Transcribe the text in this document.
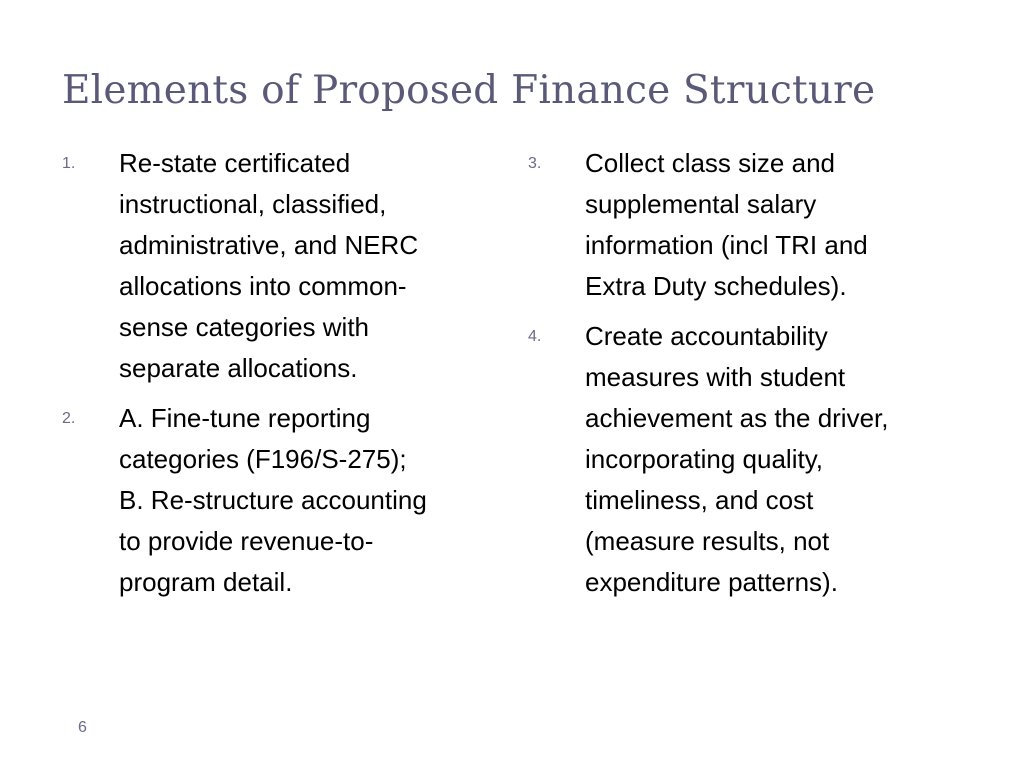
Elements of Proposed Finance Structure
1. Re-state certificated
instructional, classified,
administrative, and NERC
allocations into common-
sense categories with
separate allocations.
2. A. Fine-tune reporting
categories (F196/S-275);
B. Re-structure accounting
to provide revenue-to-
program detail.
3. Collect class size and
supplemental salary
information (incl TRI and
Extra Duty schedules).
4. Create accountability
measures with student
achievement as the driver,
incorporating quality,
timeliness, and cost
(measure results, not
expenditure patterns).
6
